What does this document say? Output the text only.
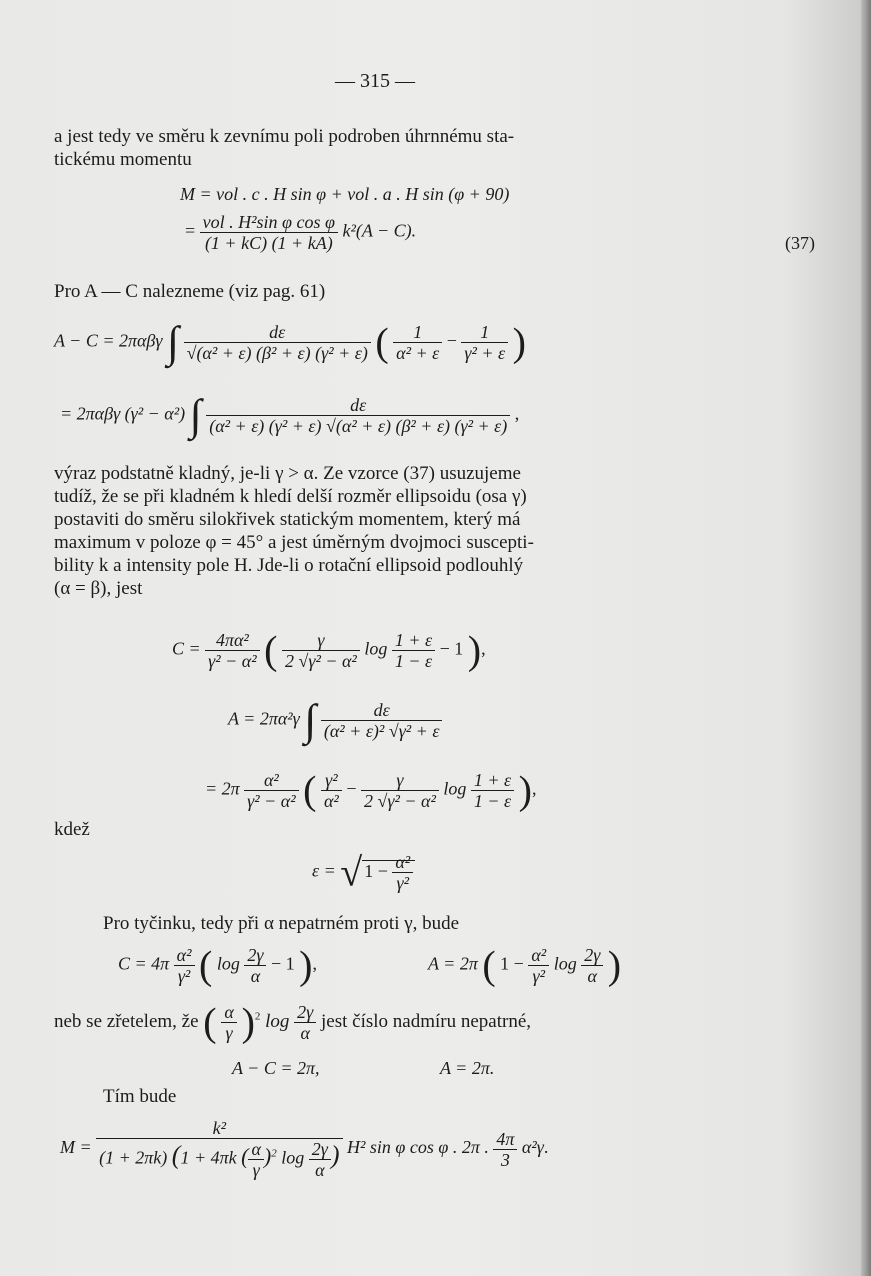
— 315 —
a jest tedy ve směru k zevnímu poli podroben úhrnnému sta-
tickému momentu
M = vol . c . H sin φ + vol . a . H sin (φ + 90)
= $\frac{\text{vol . H²sin φ cos φ}}{(1 + kC) (1 + kA)} k^2(A - C)$.
(37)
Pro A — C nalezneme (viz pag. 61)
A − C = 2παβγ ∫ $\frac{d\varepsilon}{\text{√(α² + ε) (β² + ε) (γ² + ε)}}$ ( $\frac{1}{\text{α² + ε}} - \frac{1}{\text{γ² + ε}}$ )
= 2παβγ (γ² − α²) ∫ $\frac{d\varepsilon}{\text{(α² + ε) (γ² + ε) √(α² + ε) (β² + ε) (γ² + ε)}}$ ,
výraz podstatně kladný, je-li γ > α. Ze vzorce (37) usuzujeme
tudíž, že se při kladném k hledí delší rozměr ellipsoidu (osa γ)
postaviti do směru silokřivek statickým momentem, který má
maximum v poloze φ = 45° a jest úměrným dvojmoci suscepti-
bility k a intensity pole H. Jde-li o rotační ellipsoid podlouhlý
(α = β), jest
$C = \frac{\text{4πα²}}{\text{γ² − α²}}$ ( $\frac{\gamma}{\text{2 √γ² − α²}}$ $\log \frac{1 + \varepsilon}{1 - \varepsilon} - 1$ ),
A = 2πα²γ ∫ $\frac{d\varepsilon}{\text{(α² + ε)² √γ² + ε}}$
= $2\pi \frac{\text{α²}}{\text{γ² − α²}}$ ( $\frac{\text{γ²}}{\text{α²}} - \frac{\gamma}{\text{2 √γ² − α²}}$ $\log \frac{1 + \varepsilon}{1 - \varepsilon}$ ),
kdež
ε = √ $1 - \frac{\text{α²}}{\text{γ²}}$
Pro tyčinku, tedy při α nepatrném proti γ, bude
$C = 4\pi \frac{\text{α²}}{\text{γ²}}$ ( $\log \frac{2\gamma}{\alpha} - 1$ ),	A = 2π ( $1 - \frac{\text{α²}}{\text{γ²}}$ $\log \frac{2\gamma}{\alpha}$ )
neb se zřetelem, že ( $\frac{\alpha}{\gamma} )^2$ $\log \frac{2\gamma}{\alpha}$ jest číslo nadmíru nepatrné,
A − C = 2π,	A = 2π.
Tím bude
M =
k²
(1 + 2πk) (1 + 4πk ( $\frac{\alpha}{\gamma} )^2$ $\log \frac{2\gamma}{\alpha}$ ) H² sin φ cos φ . 2π . $\frac{4\pi}{3} \alpha^2\gamma$.
